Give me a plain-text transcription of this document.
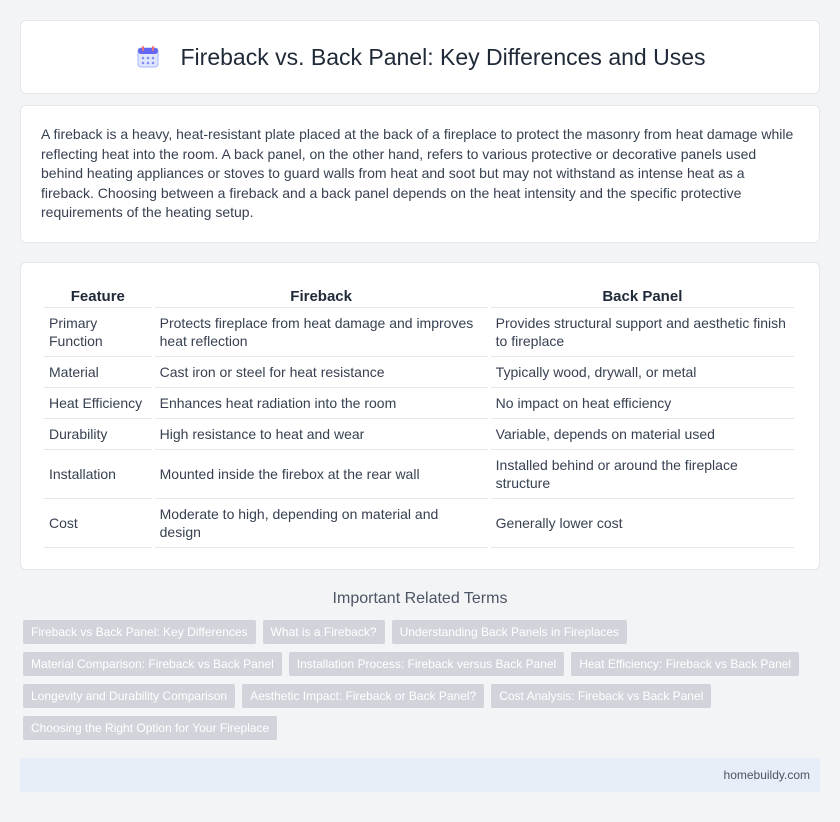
Fireback vs. Back Panel: Key Differences and Uses

A fireback is a heavy, heat-resistant plate placed at the back of a fireplace to protect the masonry from heat damage while reflecting heat into the room. A back panel, on the other hand, refers to various protective or decorative panels used behind heating appliances or stoves to guard walls from heat and soot but may not withstand as intense heat as a fireback. Choosing between a fireback and a back panel depends on the heat intensity and the specific protective requirements of the heating setup.

Feature	Fireback	Back Panel
Primary Function	Protects fireplace from heat damage and improves heat reflection	Provides structural support and aesthetic finish to fireplace
Material	Cast iron or steel for heat resistance	Typically wood, drywall, or metal
Heat Efficiency	Enhances heat radiation into the room	No impact on heat efficiency
Durability	High resistance to heat and wear	Variable, depends on material used
Installation	Mounted inside the firebox at the rear wall	Installed behind or around the fireplace structure
Cost	Moderate to high, depending on material and design	Generally lower cost
Important Related Terms
Fireback vs Back Panel: Key Differences	What is a Fireback?	Understanding Back Panels in Fireplaces
Material Comparison: Fireback vs Back Panel	Installation Process: Fireback versus Back Panel	Heat Efficiency: Fireback vs Back Panel
Longevity and Durability Comparison	Aesthetic Impact: Fireback or Back Panel?	Cost Analysis: Fireback vs Back Panel
Choosing the Right Option for Your Fireplace
homebuildy.com
